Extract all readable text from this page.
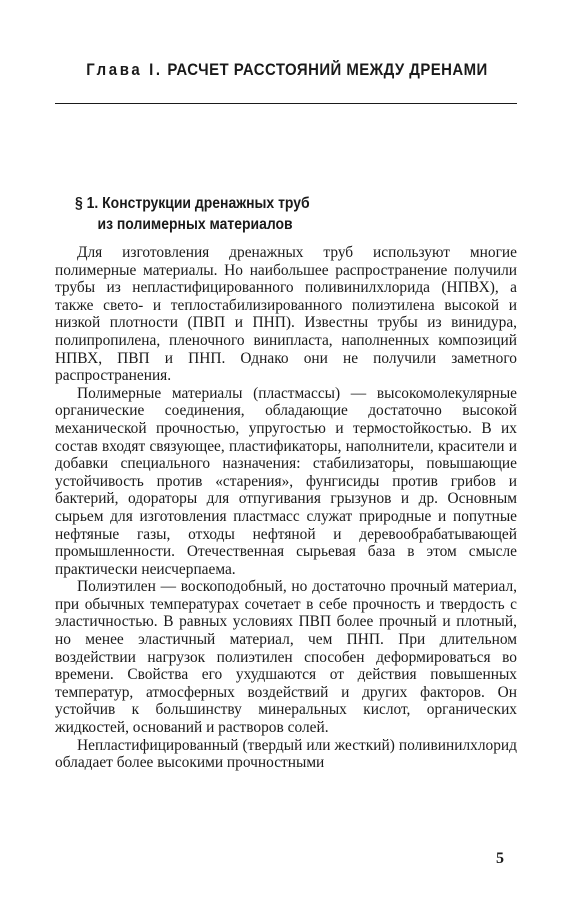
Глава I. РАСЧЕТ РАССТОЯНИЙ МЕЖДУ ДРЕНАМИ
§ 1. Конструкции дренажных труб
из полимерных материалов

Для изготовления дренажных труб используют многие полимерные материалы. Но наибольшее распространение получили трубы из непластифицированного поливинилхлорида (НПВХ), а также свето- и теплостабилизированного полиэтилена высокой и низкой плотности (ПВП и ПНП). Известны трубы из винидура, полипропилена, пленочного винипласта, наполненных композиций НПВХ, ПВП и ПНП. Однако они не получили заметного распространения.

Полимерные материалы (пластмассы) — высокомолекулярные органические соединения, обладающие достаточно высокой механической прочностью, упругостью и термостойкостью. В их состав входят связующее, пластификаторы, наполнители, красители и добавки специального назначения: стабилизаторы, повышающие устойчивость против «старения», фунгисиды против грибов и бактерий, одораторы для отпугивания грызунов и др. Основным сырьем для изготовления пластмасс служат природные и попутные нефтяные газы, отходы нефтяной и деревообрабатывающей промышленности. Отечественная сырьевая база в этом смысле практически неисчерпаема.

Полиэтилен — воскоподобный, но достаточно прочный материал, при обычных температурах сочетает в себе прочность и твердость с эластичностью. В равных условиях ПВП более прочный и плотный, но менее эластичный материал, чем ПНП. При длительном воздействии нагрузок полиэтилен способен деформироваться во времени. Свойства его ухудшаются от действия повышенных температур, атмосферных воздействий и других факторов. Он устойчив к большинству минеральных кислот, органических жидкостей, оснований и растворов солей.

Непластифицированный (твердый или жесткий) поливинилхлорид обладает более высокими прочностными

5
